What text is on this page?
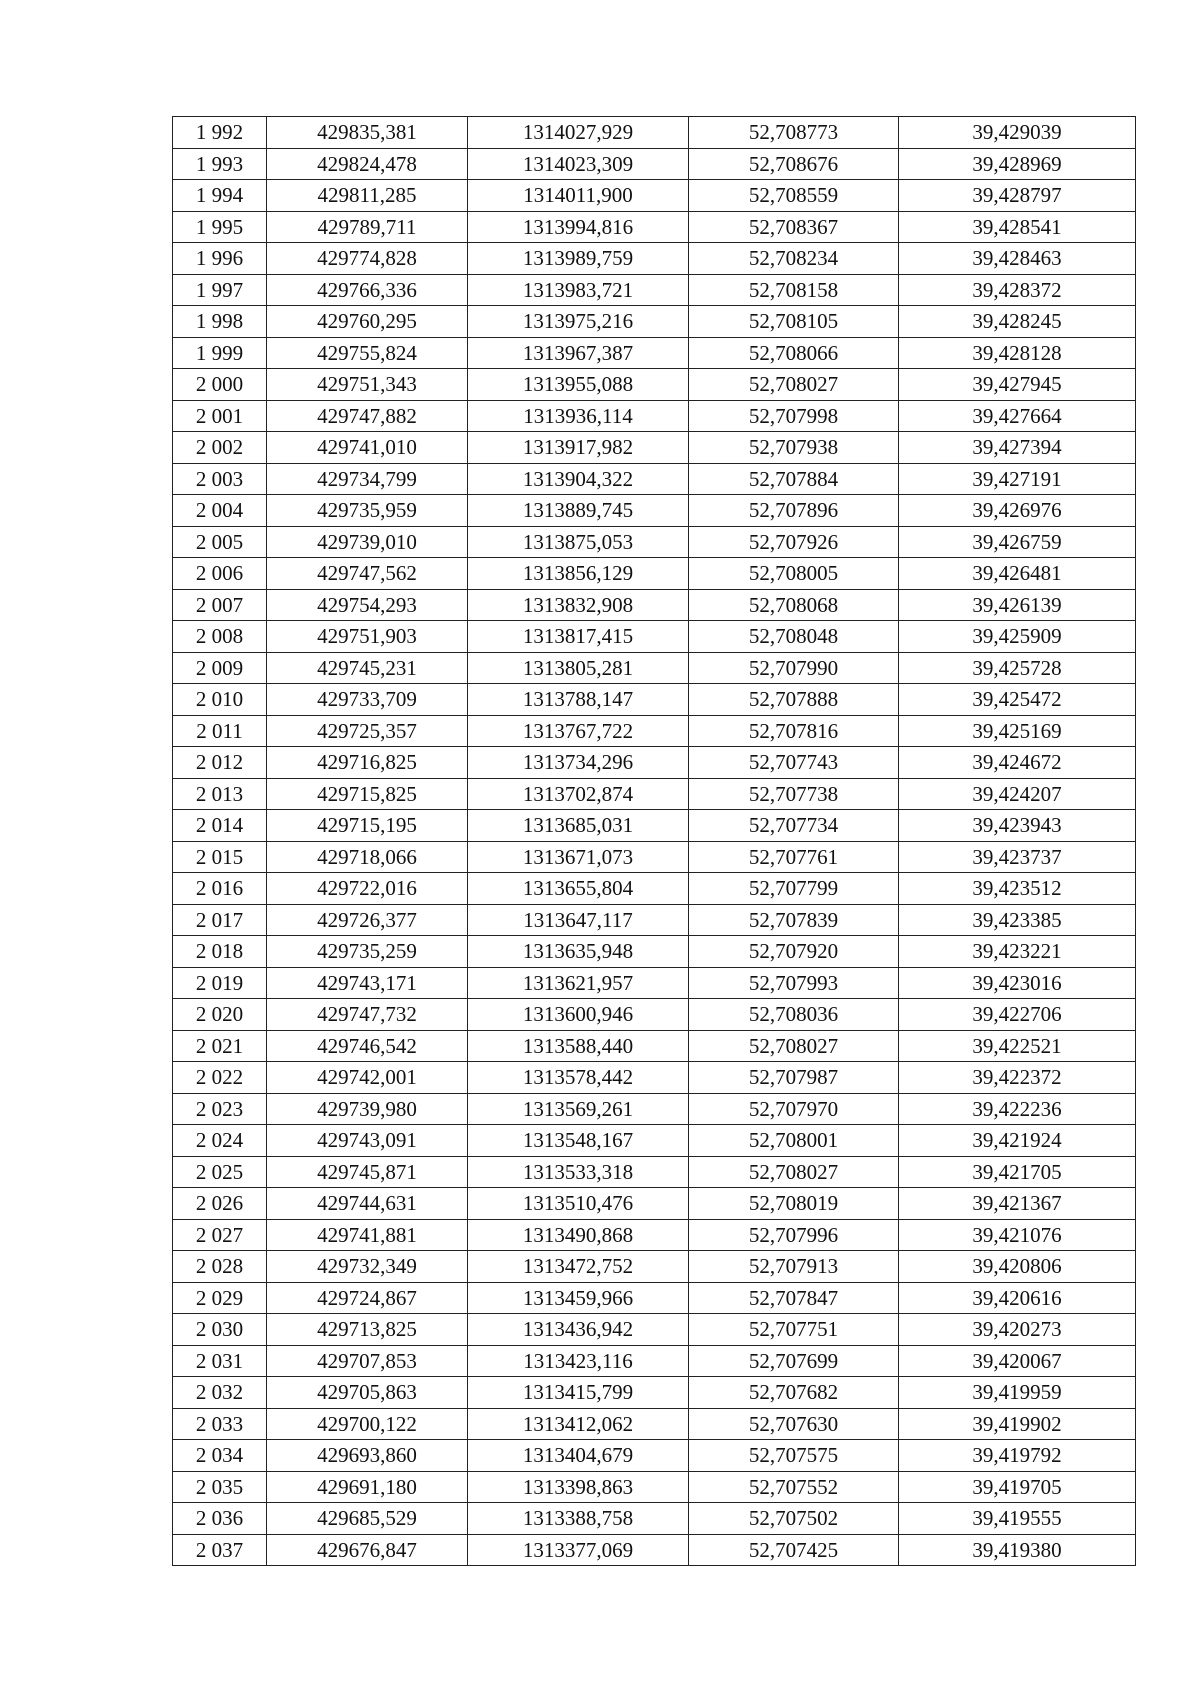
1 992	429835,381	1314027,929	52,708773	39,429039
1 993	429824,478	1314023,309	52,708676	39,428969
1 994	429811,285	1314011,900	52,708559	39,428797
1 995	429789,711	1313994,816	52,708367	39,428541
1 996	429774,828	1313989,759	52,708234	39,428463
1 997	429766,336	1313983,721	52,708158	39,428372
1 998	429760,295	1313975,216	52,708105	39,428245
1 999	429755,824	1313967,387	52,708066	39,428128
2 000	429751,343	1313955,088	52,708027	39,427945
2 001	429747,882	1313936,114	52,707998	39,427664
2 002	429741,010	1313917,982	52,707938	39,427394
2 003	429734,799	1313904,322	52,707884	39,427191
2 004	429735,959	1313889,745	52,707896	39,426976
2 005	429739,010	1313875,053	52,707926	39,426759
2 006	429747,562	1313856,129	52,708005	39,426481
2 007	429754,293	1313832,908	52,708068	39,426139
2 008	429751,903	1313817,415	52,708048	39,425909
2 009	429745,231	1313805,281	52,707990	39,425728
2 010	429733,709	1313788,147	52,707888	39,425472
2 011	429725,357	1313767,722	52,707816	39,425169
2 012	429716,825	1313734,296	52,707743	39,424672
2 013	429715,825	1313702,874	52,707738	39,424207
2 014	429715,195	1313685,031	52,707734	39,423943
2 015	429718,066	1313671,073	52,707761	39,423737
2 016	429722,016	1313655,804	52,707799	39,423512
2 017	429726,377	1313647,117	52,707839	39,423385
2 018	429735,259	1313635,948	52,707920	39,423221
2 019	429743,171	1313621,957	52,707993	39,423016
2 020	429747,732	1313600,946	52,708036	39,422706
2 021	429746,542	1313588,440	52,708027	39,422521
2 022	429742,001	1313578,442	52,707987	39,422372
2 023	429739,980	1313569,261	52,707970	39,422236
2 024	429743,091	1313548,167	52,708001	39,421924
2 025	429745,871	1313533,318	52,708027	39,421705
2 026	429744,631	1313510,476	52,708019	39,421367
2 027	429741,881	1313490,868	52,707996	39,421076
2 028	429732,349	1313472,752	52,707913	39,420806
2 029	429724,867	1313459,966	52,707847	39,420616
2 030	429713,825	1313436,942	52,707751	39,420273
2 031	429707,853	1313423,116	52,707699	39,420067
2 032	429705,863	1313415,799	52,707682	39,419959
2 033	429700,122	1313412,062	52,707630	39,419902
2 034	429693,860	1313404,679	52,707575	39,419792
2 035	429691,180	1313398,863	52,707552	39,419705
2 036	429685,529	1313388,758	52,707502	39,419555
2 037	429676,847	1313377,069	52,707425	39,419380
